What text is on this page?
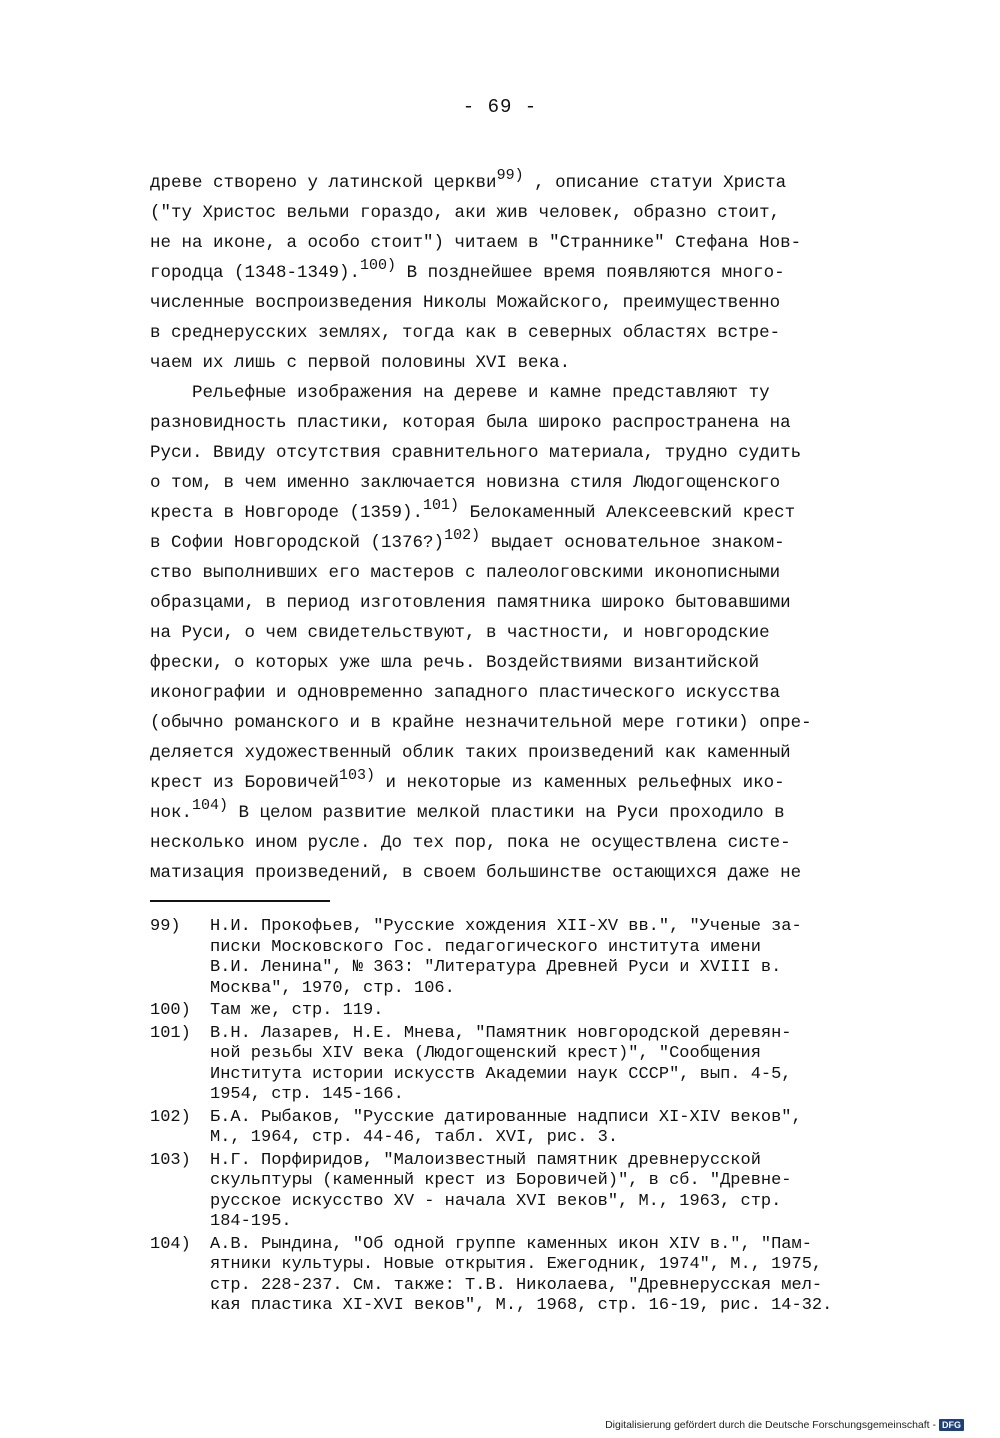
- 69 -
древе створено у латинской церкви$^{99)}$ , описание статуи Христа
("ту Христос вельми гораздо, аки жив человек, образно стоит,
не на иконе, а особо стоит") читаем в "Страннике" Стефана Нов-
городца (1348-1349).$^{100)}$ В позднейшее время появляются много-
численные воспроизведения Николы Можайского, преимущественно
в среднерусских землях, тогда как в северных областях встре-
чаем их лишь с первой половины XVI века.
Рельефные изображения на дереве и камне представляют ту
разновидность пластики, которая была широко распространена на
Руси. Ввиду отсутствия сравнительного материала, трудно судить
о том, в чем именно заключается новизна стиля Людогощенского
креста в Новгороде (1359).$^{101)}$ Белокаменный Алексеевский крест
в Софии Новгородской (1376?)$^{102)}$ выдает основательное знаком-
ство выполнивших его мастеров с палеологовскими иконописными
образцами, в период изготовления памятника широко бытовавшими
на Руси, о чем свидетельствуют, в частности, и новгородские
фрески, о которых уже шла речь. Воздействиями византийской
иконографии и одновременно западного пластического искусства
(обычно романского и в крайне незначительной мере готики) опре-
деляется художественный облик таких произведений как каменный
крест из Боровичей$^{103)}$ и некоторые из каменных рельефных ико-
нок.$^{104)}$ В целом развитие мелкой пластики на Руси проходило в
несколько ином русле. До тех пор, пока не осуществлена систе-
матизация произведений, в своем большинстве остающихся даже не
99)	Н.И. Прокофьев, "Русские хождения XII-XV вв.", "Ученые за-
писки Московского Гос. педагогического института имени
В.И. Ленина", № 363: "Литература Древней Руси и XVIII в.
Москва", 1970, стр. 106.
100)	Там же, стр. 119.
101)	В.Н. Лазарев, Н.Е. Мнева, "Памятник новгородской деревян-
ной резьбы XIV века (Людогощенский крест)", "Сообщения
Института истории искусств Академии наук СССР", вып. 4-5,
1954, стр. 145-166.
102)	Б.А. Рыбаков, "Русские датированные надписи XI-XIV веков",
М., 1964, стр. 44-46, табл. XVI, рис. 3.
103)	Н.Г. Порфиридов, "Малоизвестный памятник древнерусской
скульптуры (каменный крест из Боровичей)", в сб. "Древне-
русское искусство XV - начала XVI веков", М., 1963, стр.
184-195.
104)	А.В. Рындина, "Об одной группе каменных икон XIV в.", "Пам-
ятники культуры. Новые открытия. Ежегодник, 1974", М., 1975,
стр. 228-237. См. также: Т.В. Николаева, "Древнерусская мел-
кая пластика XI-XVI веков", М., 1968, стр. 16-19, рис. 14-32.
Digitalisierung gefördert durch die Deutsche Forschungsgemeinschaft - DFG
